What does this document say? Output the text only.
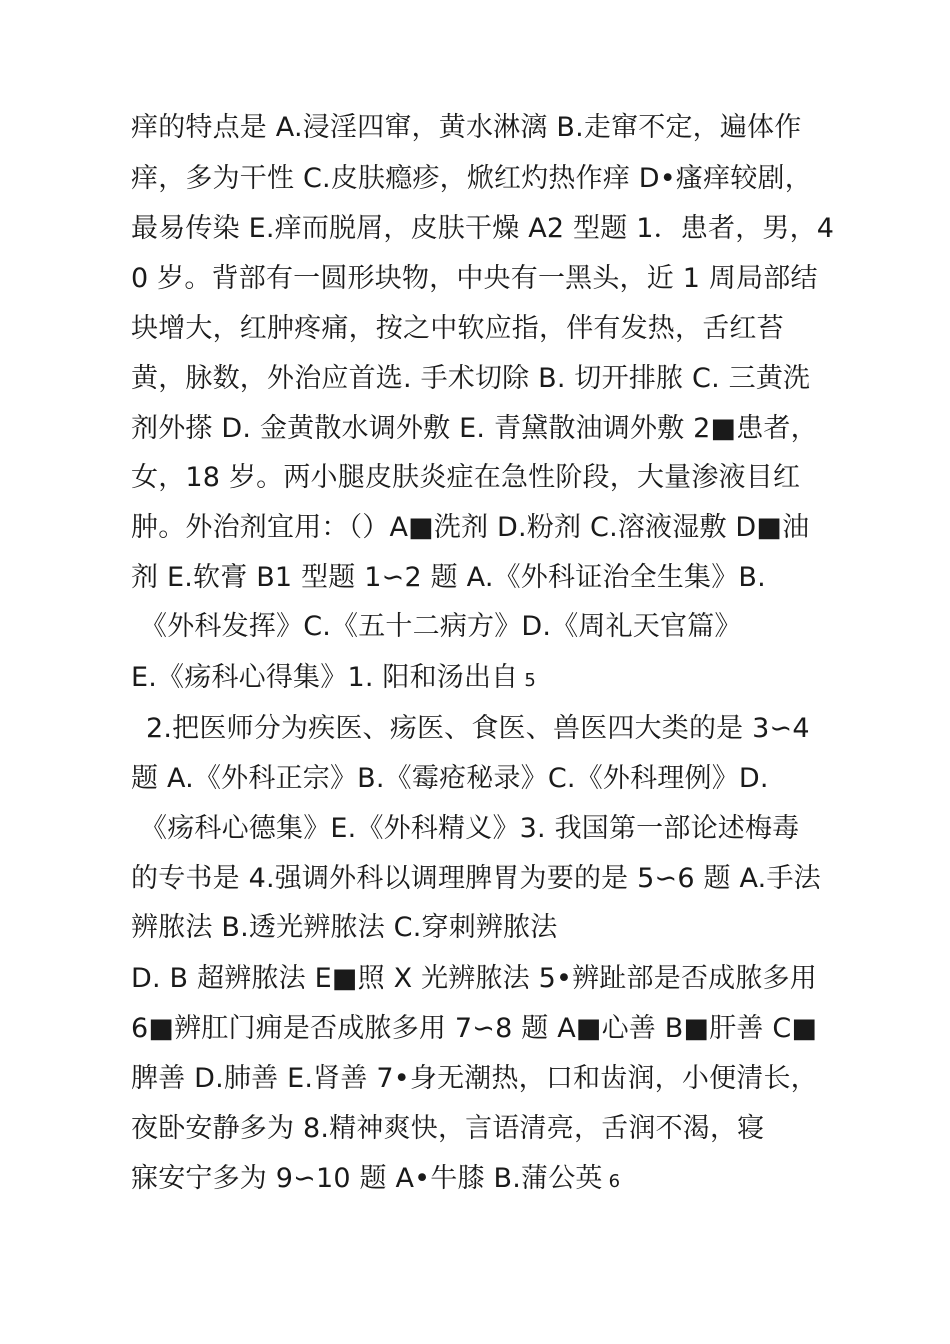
痒的特点是 A.浸淫四窜，黄水淋漓 B.走窜不定，遍体作
痒，多为干性 C.皮肤瘾疹，焮红灼热作痒 D•瘙痒较剧，
最易传染 E.痒而脱屑，皮肤干燥 A2 型题 1．患者，男，4
0 岁。背部有一圆形块物，中央有一黑头，近 1 周局部结
块增大，红肿疼痛，按之中软应指，伴有发热，舌红苔
黄，脉数，外治应首选. 手术切除 B. 切开排脓 C. 三黄洗
剂外搽 D. 金黄散水调外敷 E. 青黛散油调外敷 2■患者，
女，18 岁。两小腿皮肤炎症在急性阶段，大量渗液目红
肿。外治剂宜用：（）A■洗剂 D.粉剂 C.溶液湿敷 D■油
剂 E.软膏 B1 型题 1∽2 题 A.《外科证治全生集》B.
《外科发挥》C.《五十二病方》D.《周礼天官篇》
E.《疡科心得集》1. 阳和汤出自 5
2.把医师分为疾医、疡医、食医、兽医四大类的是 3∽4
题 A.《外科正宗》B.《霉疮秘录》C.《外科理例》D.
《疡科心德集》E.《外科精义》3. 我国第一部论述梅毒
的专书是 4.强调外科以调理脾胃为要的是 5∽6 题 A.手法
辨脓法 B.透光辨脓法 C.穿刺辨脓法
D. B 超辨脓法 E■照 X 光辨脓法 5•辨趾部是否成脓多用
6■辨肛门痈是否成脓多用 7∽8 题 A■心善 B■肝善 C■
脾善 D.肺善 E.肾善 7•身无潮热，口和齿润，小便清长，
夜卧安静多为 8.精神爽快，言语清亮，舌润不渴，寝
寐安宁多为 9∽10 题 A•牛膝 B.蒲公英 6
